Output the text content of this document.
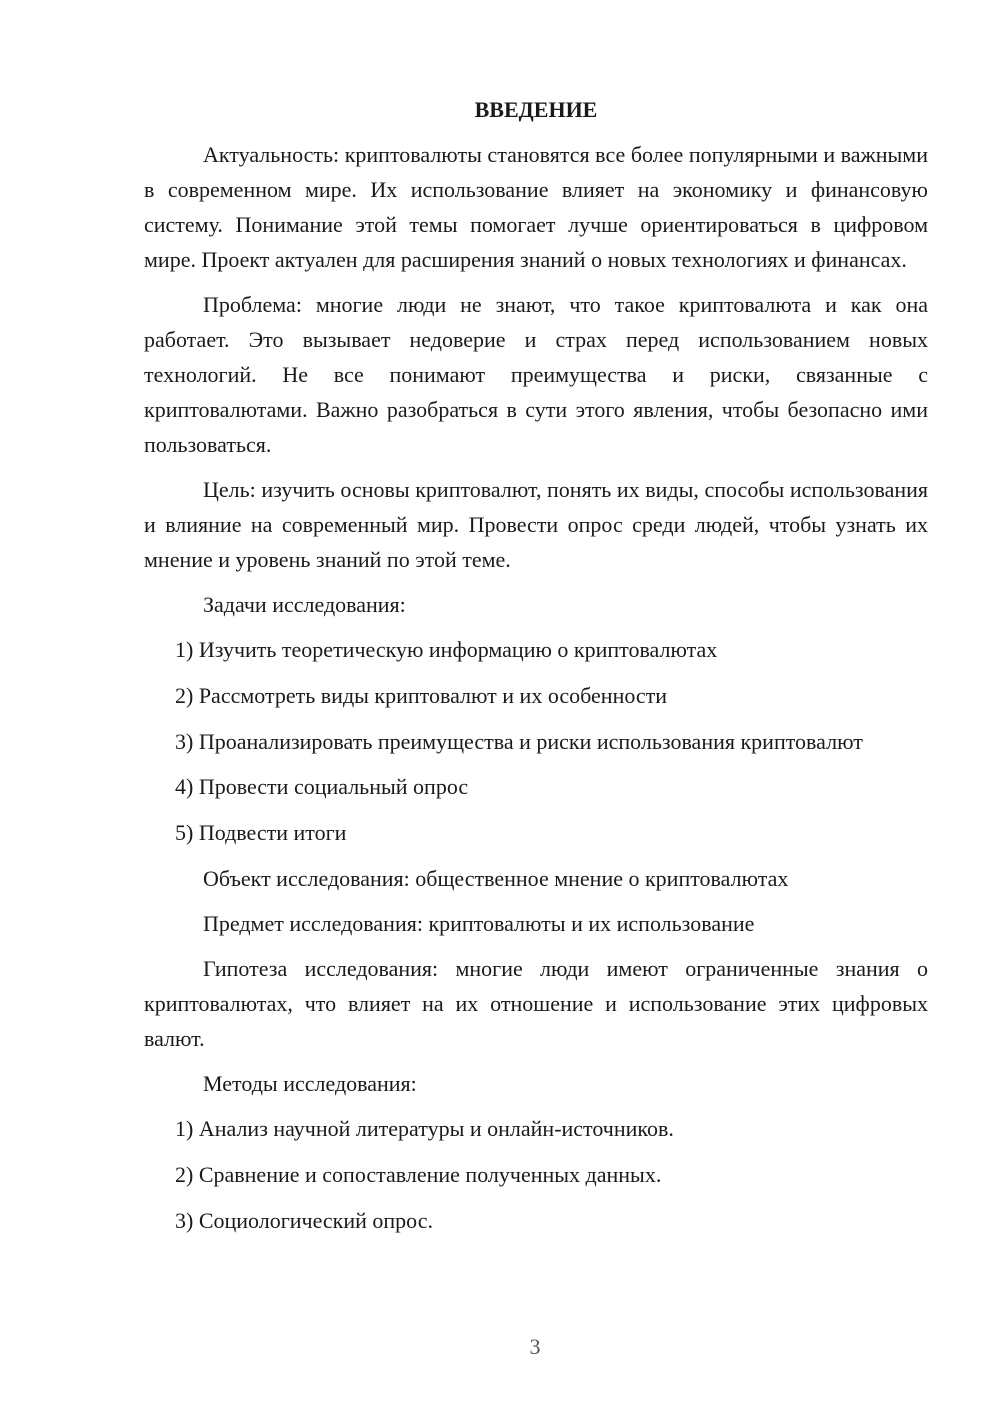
ВВЕДЕНИЕ

Актуальность: криптовалюты становятся все более популярными и важными в современном мире. Их использование влияет на экономику и финансовую систему. Понимание этой темы помогает лучше ориентироваться в цифровом мире. Проект актуален для расширения знаний о новых технологиях и финансах.

Проблема: многие люди не знают, что такое криптовалюта и как она работает. Это вызывает недоверие и страх перед использованием новых технологий. Не все понимают преимущества и риски, связанные с криптовалютами. Важно разобраться в сути этого явления, чтобы безопасно ими пользоваться.

Цель: изучить основы криптовалют, понять их виды, способы использования и влияние на современный мир. Провести опрос среди людей, чтобы узнать их мнение и уровень знаний по этой теме.

Задачи исследования:
1) Изучить теоретическую информацию о криптовалютах
2) Рассмотреть виды криптовалют и их особенности
3) Проанализировать преимущества и риски использования криптовалют
4) Провести социальный опрос
5) Подвести итоги
Объект исследования: общественное мнение о криптовалютах
Предмет исследования: криптовалюты и их использование

Гипотеза исследования: многие люди имеют ограниченные знания о криптовалютах, что влияет на их отношение и использование этих цифровых валют.

Методы исследования:
1) Анализ научной литературы и онлайн-источников.
2) Сравнение и сопоставление полученных данных.
3) Социологический опрос.
3
